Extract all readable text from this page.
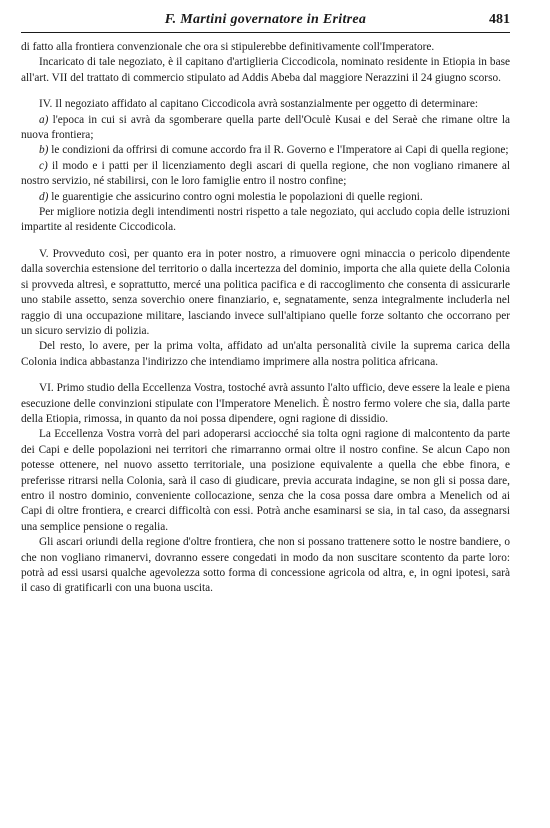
F. Martini governatore in Eritrea	481

di fatto alla frontiera convenzionale che ora si stipulerebbe definitivamente coll'Imperatore.

Incaricato di tale negoziato, è il capitano d'artiglieria Ciccodicola, nominato residente in Etiopia in base all'art. VII del trattato di commercio stipulato ad Addis Abeba dal maggiore Nerazzini il 24 giugno scorso.

IV. Il negoziato affidato al capitano Ciccodicola avrà sostanzialmente per oggetto di determinare:

a) l'epoca in cui si avrà da sgomberare quella parte dell'Oculè Kusai e del Seraè che rimane oltre la nuova frontiera;

b) le condizioni da offrirsi di comune accordo fra il R. Governo e l'Imperatore ai Capi di quella regione;

c) il modo e i patti per il licenziamento degli ascari di quella regione, che non vogliano rimanere al nostro servizio, né stabilirsi, con le loro famiglie entro il nostro confine;

d) le guarentigie che assicurino contro ogni molestia le popolazioni di quelle regioni.

Per migliore notizia degli intendimenti nostri rispetto a tale negoziato, qui accludo copia delle istruzioni impartite al residente Ciccodicola.

V. Provveduto così, per quanto era in poter nostro, a rimuovere ogni minaccia o pericolo dipendente dalla soverchia estensione del territorio o dalla incertezza del dominio, importa che alla quiete della Colonia si provveda altresì, e soprattutto, mercé una politica pacifica e di raccoglimento che consenta di assicurarle uno stabile assetto, senza soverchio onere finanziario, e, segnatamente, senza integralmente includerla nel raggio di una occupazione militare, lasciando invece sull'altipiano quelle forze soltanto che occorrano per un sicuro servizio di polizia.

Del resto, lo avere, per la prima volta, affidato ad un'alta personalità civile la suprema carica della Colonia indica abbastanza l'indirizzo che intendiamo imprimere alla nostra politica africana.

VI. Primo studio della Eccellenza Vostra, tostoché avrà assunto l'alto ufficio, deve essere la leale e piena esecuzione delle convinzioni stipulate con l'Imperatore Menelich. È nostro fermo volere che sia, dalla parte della Etiopia, rimossa, in quanto da noi possa dipendere, ogni ragione di dissidio.

La Eccellenza Vostra vorrà del pari adoperarsi acciocché sia tolta ogni ragione di malcontento da parte dei Capi e delle popolazioni nei territori che rimarranno ormai oltre il nostro confine. Se alcun Capo non potesse ottenere, nel nuovo assetto territoriale, una posizione equivalente a quella che ebbe finora, e preferisse ritrarsi nella Colonia, sarà il caso di giudicare, previa accurata indagine, se non gli si possa dare, entro il nostro dominio, conveniente collocazione, senza che la cosa possa dare ombra a Menelich od ai Capi di oltre frontiera, e crearci difficoltà con essi. Potrà anche esaminarsi se sia, in tal caso, da assegnarsi una semplice pensione o regalia.

Gli ascari oriundi della regione d'oltre frontiera, che non si possano trattenere sotto le nostre bandiere, o che non vogliano rimanervi, dovranno essere congedati in modo da non suscitare scontento da parte loro: potrà ad essi usarsi qualche agevolezza sotto forma di concessione agricola od altra, e, in ogni ipotesi, sarà il caso di gratificarli con una buona uscita.
